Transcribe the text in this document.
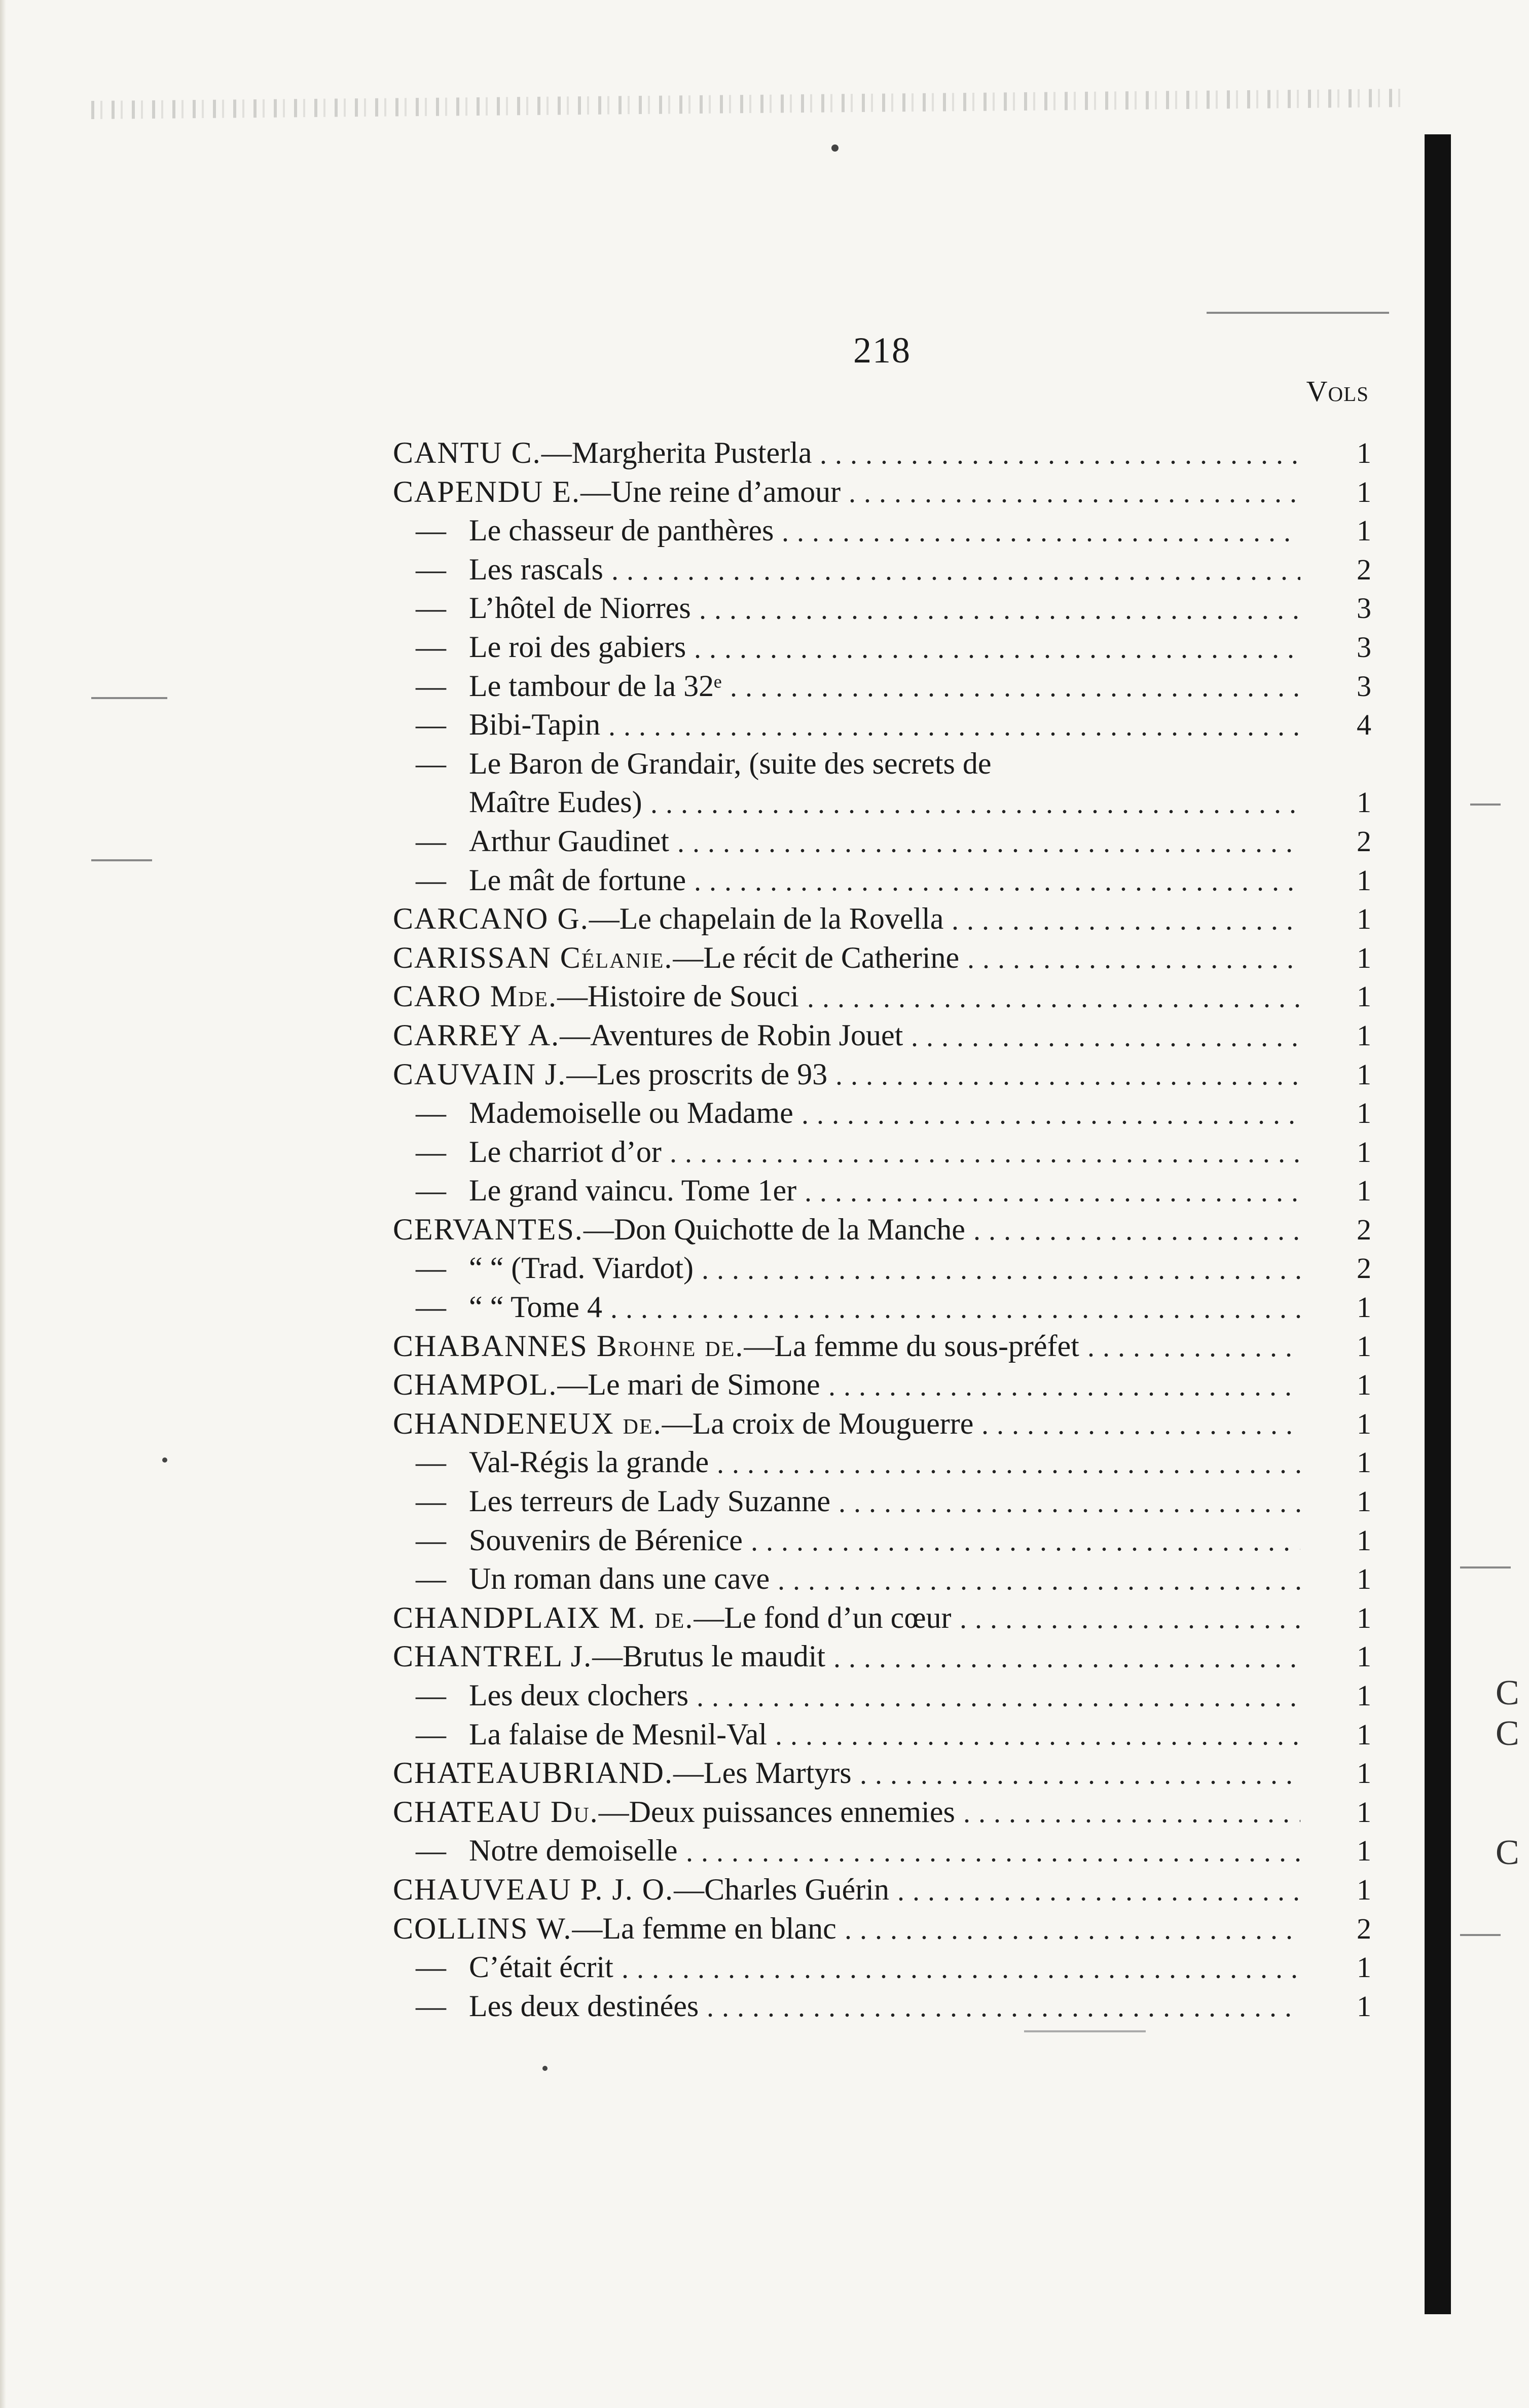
C
C
C
218
Vols
CANTU C. —Margherita Pusterla	1
CAPENDU E. —Une reine d’amour	1
— Le chasseur de panthères	1
— Les rascals	2
— L’hôtel de Niorres	3
— Le roi des gabiers	3
— Le tambour de la 32ᵉ	3
— Bibi-Tapin	4
— Le Baron de Grandair, (suite des secrets de
Maître Eudes)	1
— Arthur Gaudinet	2
— Le mât de fortune	1
CARCANO G. —Le chapelain de la Rovella	1
CARISSAN Célanie. —Le récit de Catherine	1
CARO Mde. —Histoire de Souci	1
CARREY A. —Aventures de Robin Jouet	1
CAUVAIN J. —Les proscrits de 93	1
— Mademoiselle ou Madame	1
— Le charriot d’or	1
— Le grand vaincu. Tome 1er	1
CERVANTES. —Don Quichotte de la Manche	2
— “ “ (Trad. Viardot)	2
— “ “ Tome 4	1
CHABANNES Brohne de. —La femme du sous-préfet	1
CHAMPOL. —Le mari de Simone	1
CHANDENEUX de. —La croix de Mouguerre	1
— Val-Régis la grande	1
— Les terreurs de Lady Suzanne	1
— Souvenirs de Bérenice	1
— Un roman dans une cave	1
CHANDPLAIX M. de. —Le fond d’un cœur	1
CHANTREL J. —Brutus le maudit	1
— Les deux clochers	1
— La falaise de Mesnil-Val	1
CHATEAUBRIAND. —Les Martyrs	1
CHATEAU Du. —Deux puissances ennemies	1
— Notre demoiselle	1
CHAUVEAU P. J. O. —Charles Guérin	1
COLLINS W. —La femme en blanc	2
— C’était écrit	1
— Les deux destinées	1
